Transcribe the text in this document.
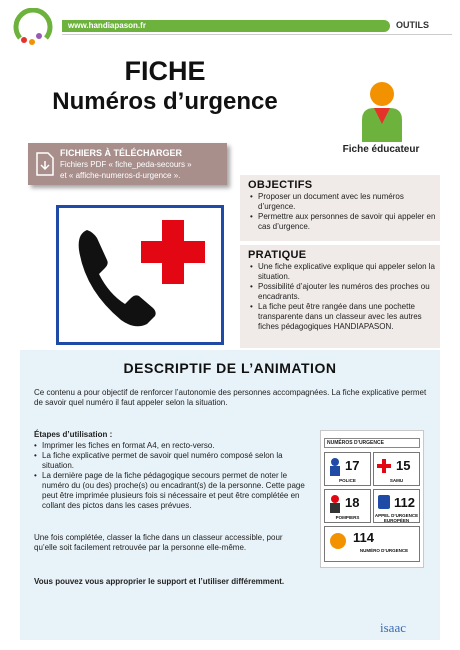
www.handiapason.fr	OUTILS
FICHE
Numéros d’urgence
Fiche éducateur
FICHIERS À TÉLÉCHARGER
Fichiers PDF « fiche_peda-secours »
et « affiche-numeros-d-urgence ».
OBJECTIFS
• Proposer un document avec les numéros d’urgence.
• Permettre aux personnes de savoir qui appeler en cas d’urgence.
PRATIQUE
• Une fiche explicative explique qui appeler selon la situation.
• Possibilité d’ajouter les numéros des proches ou encadrants.
• La fiche peut être rangée dans une pochette transparente dans un classeur avec les autres fiches pédagogiques HANDIAPASON.
DESCRIPTIF DE L’ANIMATION
Ce contenu a pour objectif de renforcer l’autonomie des personnes accompagnées. La fiche explicative permet de savoir quel numéro il faut appeler selon la situation.
Étapes d’utilisation :
• Imprimer les fiches en format A4, en recto-verso.
• La fiche explicative permet de savoir quel numéro composé selon la situation.
• La dernière page de la fiche pédagogique secours permet de noter le numéro du (ou des) proche(s) ou encadrant(s) de la personne. Cette page peut être imprimée plusieurs fois si nécessaire et peut être complétée en collant des pictos dans les cases prévues.
Une fois complétée, classer la fiche dans un classeur accessible, pour qu’elle soit facilement retrouvée par la personne elle-même.
Vous pouvez vous approprier le support et l’utiliser différemment.
NUMÉROS D’URGENCE
17
POLICE
15
SAMU
18
POMPIERS
112
APPEL D’URGENCE EUROPÉEN
114
NUMÉRO D’URGENCE
isaac
